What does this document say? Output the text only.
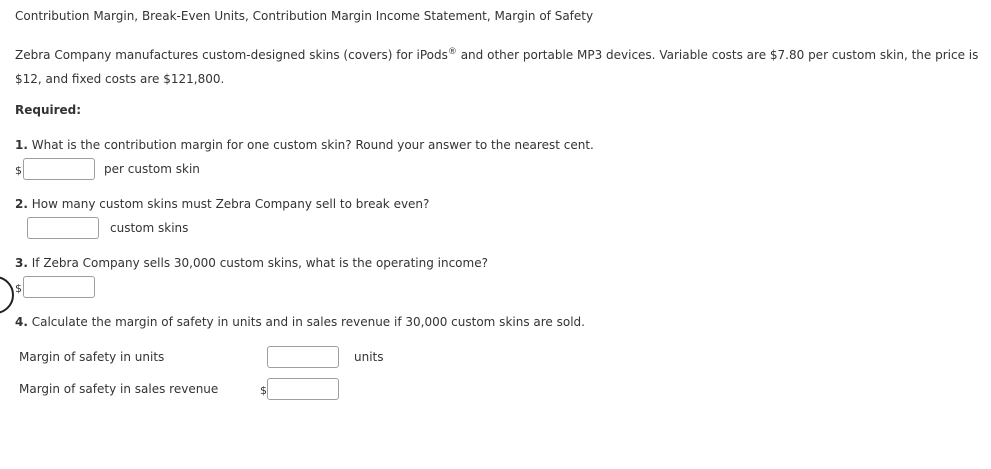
Contribution Margin, Break-Even Units, Contribution Margin Income Statement, Margin of Safety
Zebra Company manufactures custom-designed skins (covers) for iPods® and other portable MP3 devices. Variable costs are $7.80 per custom skin, the price is $12, and fixed costs are $121,800.
Required:
1. What is the contribution margin for one custom skin? Round your answer to the nearest cent.
$	per custom skin
2. How many custom skins must Zebra Company sell to break even?
custom skins
3. If Zebra Company sells 30,000 custom skins, what is the operating income?
$
4. Calculate the margin of safety in units and in sales revenue if 30,000 custom skins are sold.
Margin of safety in units	units
Margin of safety in sales revenue	$
